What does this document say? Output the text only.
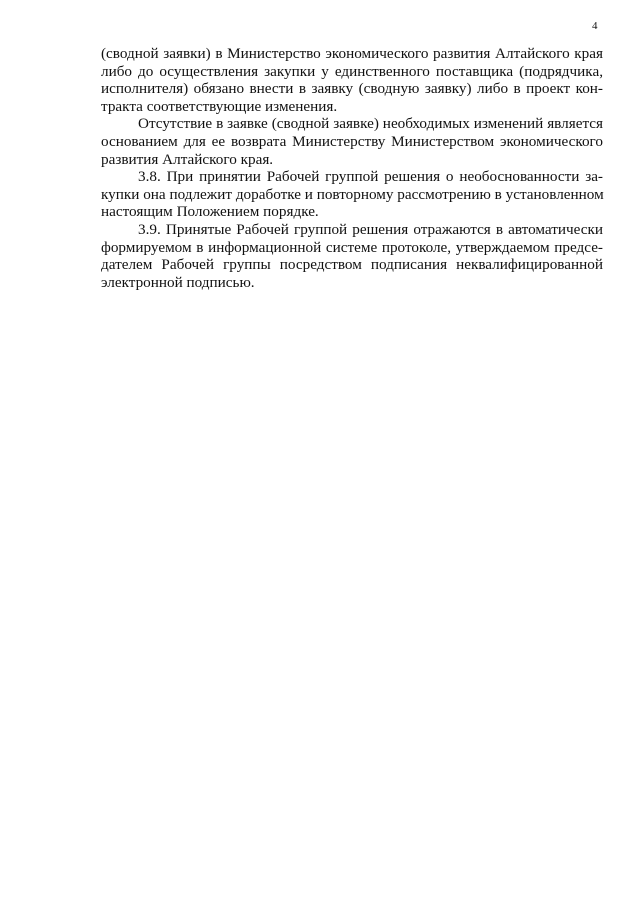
4
(сводной заявки) в Министерство экономического развития Алтайского края
либо до осуществления закупки у единственного поставщика (подрядчика,
исполнителя) обязано внести в заявку (сводную заявку) либо в проект кон-
тракта соответствующие изменения.
Отсутствие в заявке (сводной заявке) необходимых изменений является
основанием для ее возврата Министерству Министерством экономического
развития Алтайского края.
3.8. При принятии Рабочей группой решения о необоснованности за-
купки она подлежит доработке и повторному рассмотрению в установленном
настоящим Положением порядке.
3.9. Принятые Рабочей группой решения отражаются в автоматически
формируемом в информационной системе протоколе, утверждаемом предсе-
дателем Рабочей группы посредством подписания неквалифицированной
электронной подписью.
